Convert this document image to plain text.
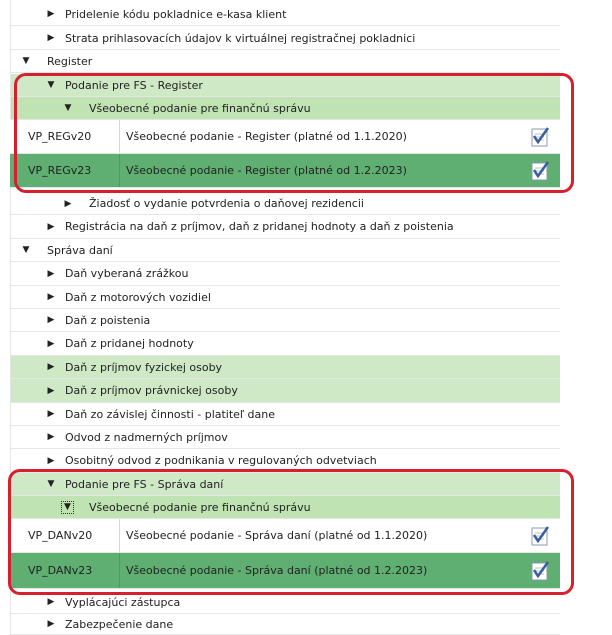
▶ Pridelenie kódu pokladnice e-kasa klient
▶ Strata prihlasovacích údajov k virtuálnej registračnej pokladnici
▼ Register
▼ Podanie pre FS - Register
▼ Všeobecné podanie pre finančnú správu
VP_REGv20	Všeobecné podanie - Register (platné od 1.1.2020)
VP_REGv23	Všeobecné podanie - Register (platné od 1.2.2023)
▶ Žiadosť o vydanie potvrdenia o daňovej rezidencii
▶ Registrácia na daň z príjmov, daň z pridanej hodnoty a daň z poistenia
▼ Správa daní
▶ Daň vyberaná zrážkou
▶ Daň z motorových vozidiel
▶ Daň z poistenia
▶ Daň z pridanej hodnoty
▶ Daň z príjmov fyzickej osoby
▶ Daň z príjmov právnickej osoby
▶ Daň zo závislej činnosti - platiteľ dane
▶ Odvod z nadmerných príjmov
▶ Osobitný odvod z podnikania v regulovaných odvetviach
▼ Podanie pre FS - Správa daní
▼ Všeobecné podanie pre finančnú správu
VP_DANv20	Všeobecné podanie - Správa daní (platné od 1.1.2020)
VP_DANv23	Všeobecné podanie - Správa daní (platné od 1.2.2023)
▶ Vyplácajúci zástupca
▶ Zabezpečenie dane
